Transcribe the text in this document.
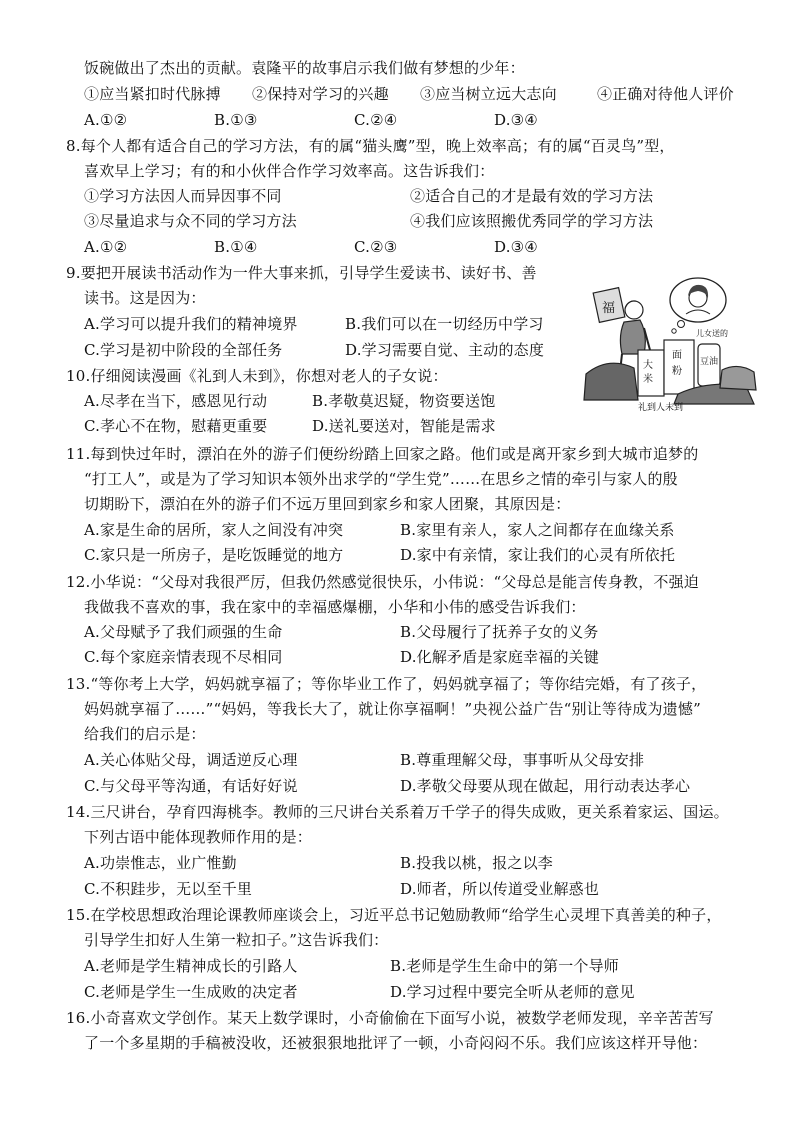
饭碗做出了杰出的贡献。袁隆平的故事启示我们做有梦想的少年：
①应当紧扣时代脉搏 ②保持对学习的兴趣 ③应当树立远大志向	④正确对待他人评价
A.①②	B.①③	C.②④	D.③④
8.每个人都有适合自己的学习方法，有的属“猫头鹰”型，晚上效率高；有的属“百灵鸟”型，
喜欢早上学习；有的和小伙伴合作学习效率高。这告诉我们：
①学习方法因人而异因事不同	②适合自己的才是最有效的学习方法
③尽量追求与众不同的学习方法	④我们应该照搬优秀同学的学习方法
A.①②	B.①④	C.②③	D.③④
9.要把开展读书活动作为一件大事来抓，引导学生爱读书、读好书、善
读书。这是因为：
A.学习可以提升我们的精神境界	B.我们可以在一切经历中学习
C.学习是初中阶段的全部任务	D.学习需要自觉、主动的态度
10.仔细阅读漫画《礼到人未到》，你想对老人的子女说：
A.尽孝在当下，感恩见行动	B.孝敬莫迟疑，物资要送饱
C.孝心不在物，慰藉更重要	D.送礼要送对，智能是需求
福
大
米
面
粉
豆油
儿女送的
礼到人未到
11.每到快过年时，漂泊在外的游子们便纷纷踏上回家之路。他们或是离开家乡到大城市追梦的
“打工人”，或是为了学习知识本领外出求学的“学生党”……在思乡之情的牵引与家人的殷
切期盼下，漂泊在外的游子们不远万里回到家乡和家人团聚，其原因是：
A.家是生命的居所，家人之间没有冲突	B.家里有亲人，家人之间都存在血缘关系
C.家只是一所房子，是吃饭睡觉的地方	D.家中有亲情，家让我们的心灵有所依托
12.小华说：“父母对我很严厉，但我仍然感觉很快乐，小伟说：“父母总是能言传身教，不强迫
我做我不喜欢的事，我在家中的幸福感爆棚，小华和小伟的感受告诉我们：
A.父母赋予了我们顽强的生命	B.父母履行了抚养子女的义务
C.每个家庭亲情表现不尽相同	D.化解矛盾是家庭幸福的关键
13.“等你考上大学，妈妈就享福了；等你毕业工作了，妈妈就享福了；等你结完婚，有了孩子，
妈妈就享福了……”“妈妈，等我长大了，就让你享福啊！”央视公益广告“别让等待成为遗憾”
给我们的启示是：
A.关心体贴父母，调适逆反心理	B.尊重理解父母，事事听从父母安排
C.与父母平等沟通，有话好好说	D.孝敬父母要从现在做起，用行动表达孝心
14.三尺讲台，孕育四海桃李。教师的三尺讲台关系着万千学子的得失成败，更关系着家运、国运。
下列古语中能体现教师作用的是：
A.功崇惟志，业广惟勤	B.投我以桃，报之以李
C.不积跬步，无以至千里	D.师者，所以传道受业解惑也
15.在学校思想政治理论课教师座谈会上，习近平总书记勉励教师“给学生心灵埋下真善美的种子，
引导学生扣好人生第一粒扣子。”这告诉我们：
A.老师是学生精神成长的引路人	B.老师是学生生命中的第一个导师
C.老师是学生一生成败的决定者	D.学习过程中要完全听从老师的意见
16.小奇喜欢文学创作。某天上数学课时，小奇偷偷在下面写小说，被数学老师发现，辛辛苦苦写
了一个多星期的手稿被没收，还被狠狠地批评了一顿，小奇闷闷不乐。我们应该这样开导他：
